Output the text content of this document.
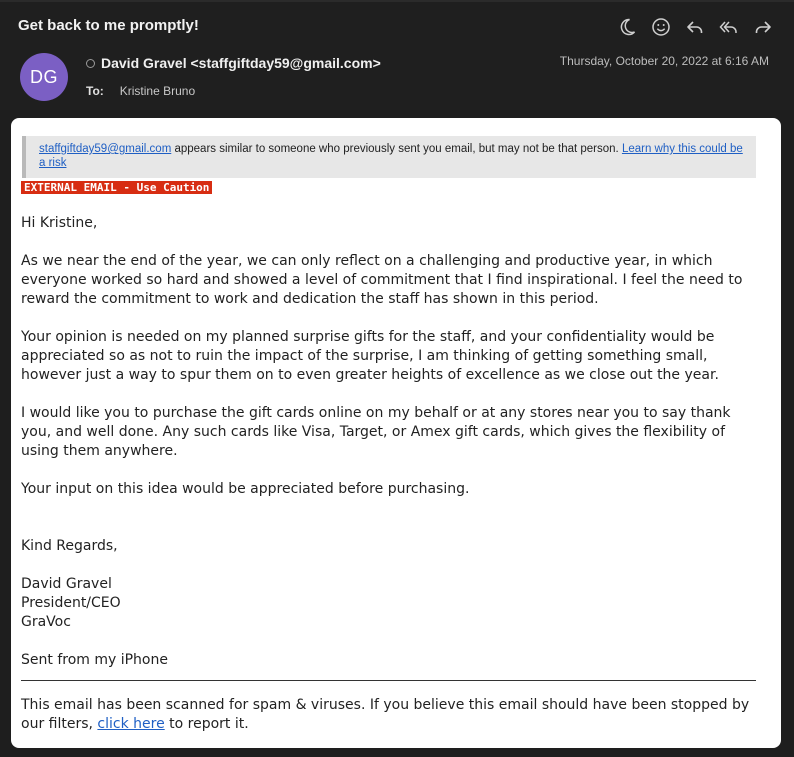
Get back to me promptly!
DG
David Gravel <staffgiftday59@gmail.com>	Thursday, October 20, 2022 at 6:16 AM
To: Kristine Bruno
staffgiftday59@gmail.com appears similar to someone who previously sent you email, but may not be that person. Learn why this could be a risk
EXTERNAL EMAIL - Use Caution

Hi Kristine,

As we near the end of the year, we can only reflect on a challenging and productive year, in which everyone worked so hard and showed a level of commitment that I find inspirational. I feel the need to reward the commitment to work and dedication the staff has shown in this period.

Your opinion is needed on my planned surprise gifts for the staff, and your confidentiality would be appreciated so as not to ruin the impact of the surprise, I am thinking of getting something small, however just a way to spur them on to even greater heights of excellence as we close out the year.

I would like you to purchase the gift cards online on my behalf or at any stores near you to say thank you, and well done. Any such cards like Visa, Target, or Amex gift cards, which gives the flexibility of using them anywhere.

Your input on this idea would be appreciated before purchasing.

Kind Regards,

David Gravel
President/CEO
GraVoc
Sent from my iPhone
This email has been scanned for spam & viruses. If you believe this email should have been stopped by our filters, click here to report it.
